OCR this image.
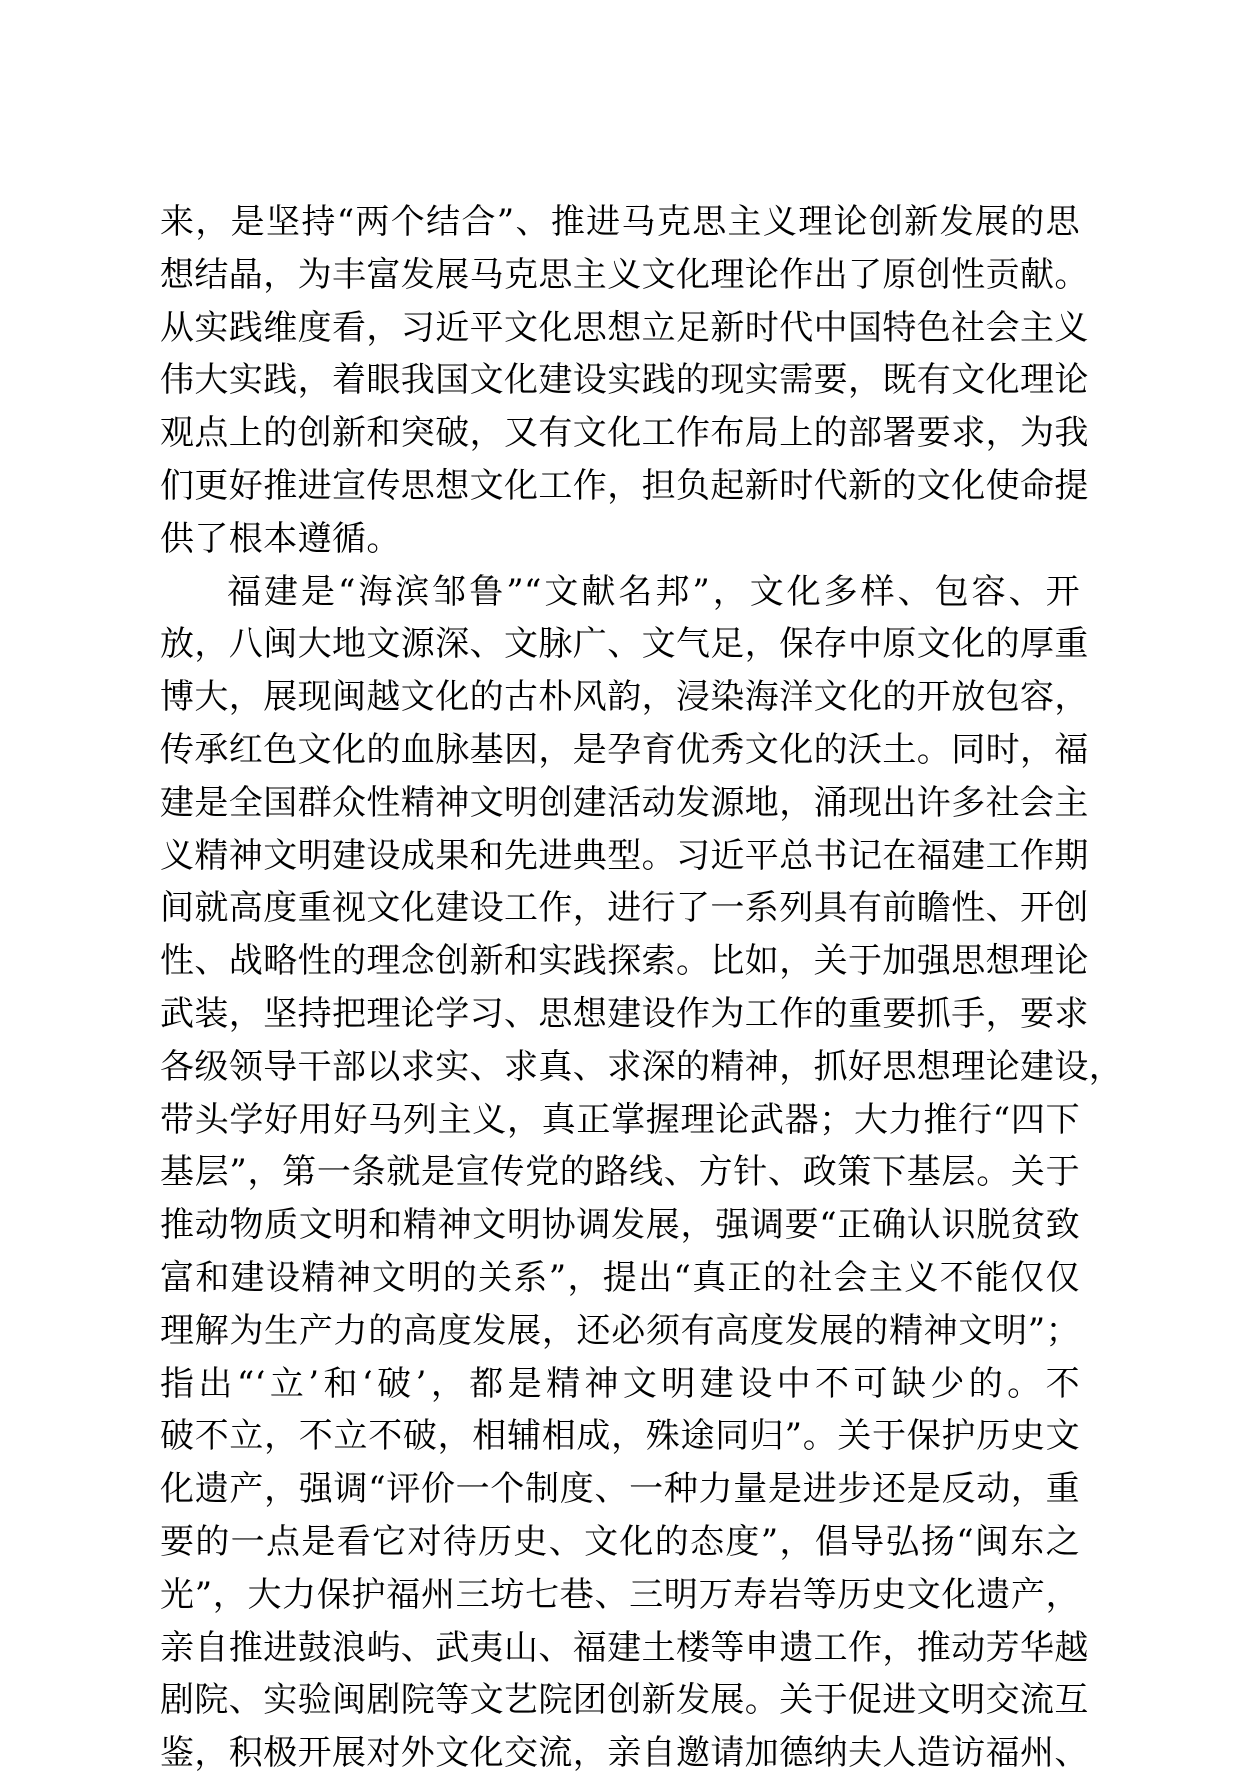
来，是坚持“两个结合”、推进马克思主义理论创新发展的思
想结晶，为丰富发展马克思主义文化理论作出了原创性贡献。
从实践维度看，习近平文化思想立足新时代中国特色社会主义
伟大实践，着眼我国文化建设实践的现实需要，既有文化理论
观点上的创新和突破，又有文化工作布局上的部署要求，为我
们更好推进宣传思想文化工作，担负起新时代新的文化使命提
供了根本遵循。
福建是“海滨邹鲁”“文献名邦”，文化多样、包容、开
放，八闽大地文源深、文脉广、文气足，保存中原文化的厚重
博大，展现闽越文化的古朴风韵，浸染海洋文化的开放包容，
传承红色文化的血脉基因，是孕育优秀文化的沃土。同时，福
建是全国群众性精神文明创建活动发源地，涌现出许多社会主
义精神文明建设成果和先进典型。习近平总书记在福建工作期
间就高度重视文化建设工作，进行了一系列具有前瞻性、开创
性、战略性的理念创新和实践探索。比如，关于加强思想理论
武装，坚持把理论学习、思想建设作为工作的重要抓手，要求
各级领导干部以求实、求真、求深的精神，抓好思想理论建设，
带头学好用好马列主义，真正掌握理论武器；大力推行“四下
基层”，第一条就是宣传党的路线、方针、政策下基层。关于
推动物质文明和精神文明协调发展，强调要“正确认识脱贫致
富和建设精神文明的关系”，提出“真正的社会主义不能仅仅
理解为生产力的高度发展，还必须有高度发展的精神文明”；
指出“‘立’和‘破’，都是精神文明建设中不可缺少的。不
破不立，不立不破，相辅相成，殊途同归”。关于保护历史文
化遗产，强调“评价一个制度、一种力量是进步还是反动，重
要的一点是看它对待历史、文化的态度”，倡导弘扬“闽东之
光”，大力保护福州三坊七巷、三明万寿岩等历史文化遗产，
亲自推进鼓浪屿、武夷山、福建土楼等申遗工作，推动芳华越
剧院、实验闽剧院等文艺院团创新发展。关于促进文明交流互
鉴，积极开展对外文化交流，亲自邀请加德纳夫人造访福州、
